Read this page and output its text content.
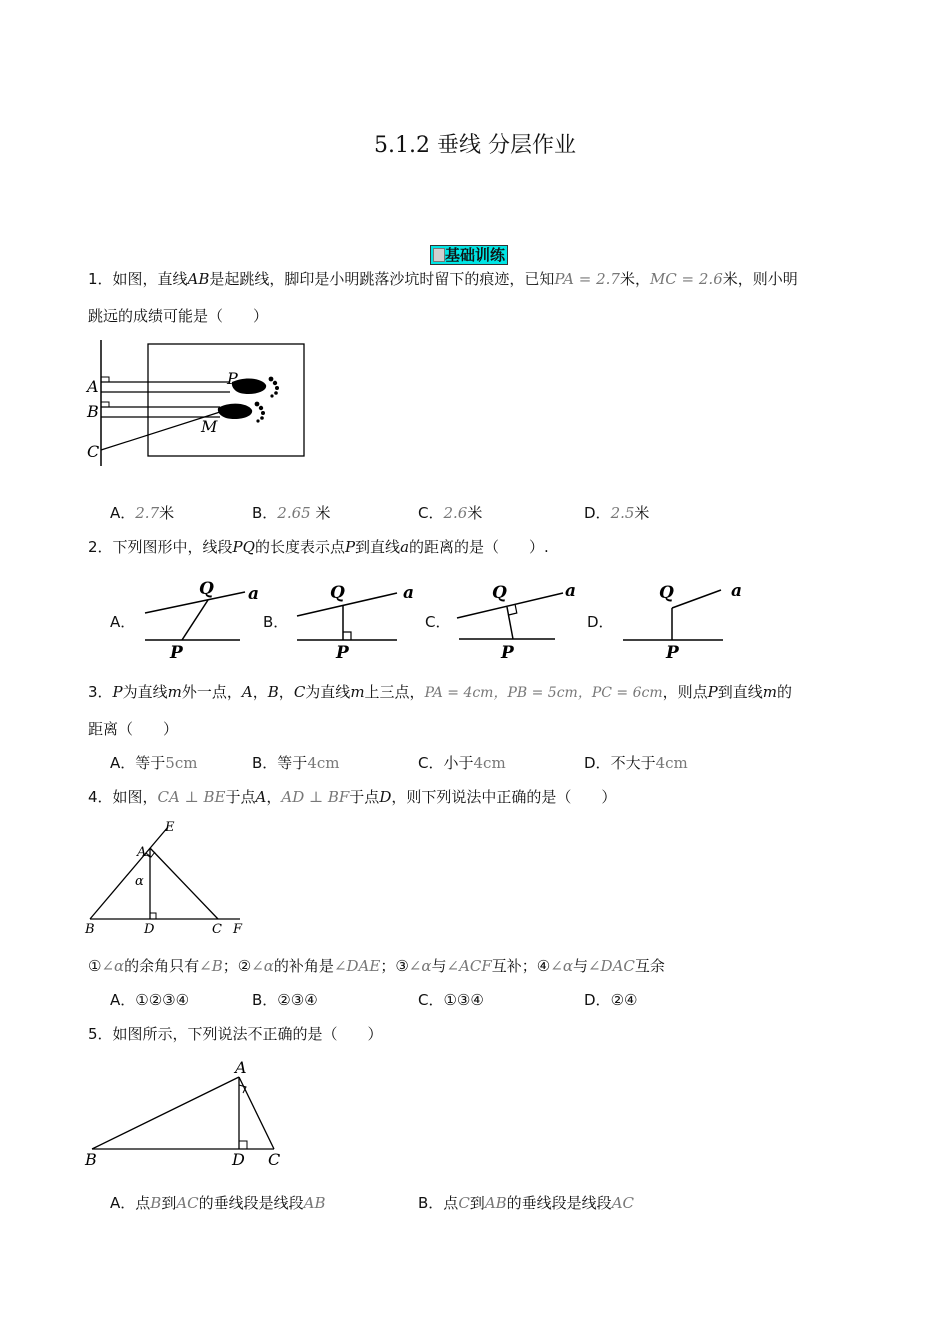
5.1.2 垂线 分层作业
基础训练
1．如图，直线AB是起跳线，脚印是小明跳落沙坑时留下的痕迹，已知PA = 2.7米，MC = 2.6米，则小明
跳远的成绩可能是（　　）
A
B
C
P
M
A．2.7米	B．2.65 米	C．2.6米	D．2.5米
2．下列图形中，线段PQ的长度表示点P到直线a的距离的是（　　）.
A．
Q a
P
B．
Q	a
P
C．
Q	a
P
D．
Q	a
P
3．P为直线m外一点，A，B，C为直线m上三点，PA = 4cm，PB = 5cm，PC = 6cm，则点P到直线m的
距离（　　）
A．等于5cm	B．等于4cm	C．小于4cm	D．不大于4cm
4．如图，CA ⊥ BE于点A，AD ⊥ BF于点D，则下列说法中正确的是（　　）
E
A
α
B	D	C F
①∠α的余角只有∠B；②∠α的补角是∠DAE；③∠α与∠ACF互补；④∠α与∠DAC互余
A．①②③④	B．②③④	C．①③④	D．②④
5．如图所示，下列说法不正确的是（　　）
A
B	D C
A．点B到AC的垂线段是线段AB	B．点C到AB的垂线段是线段AC
